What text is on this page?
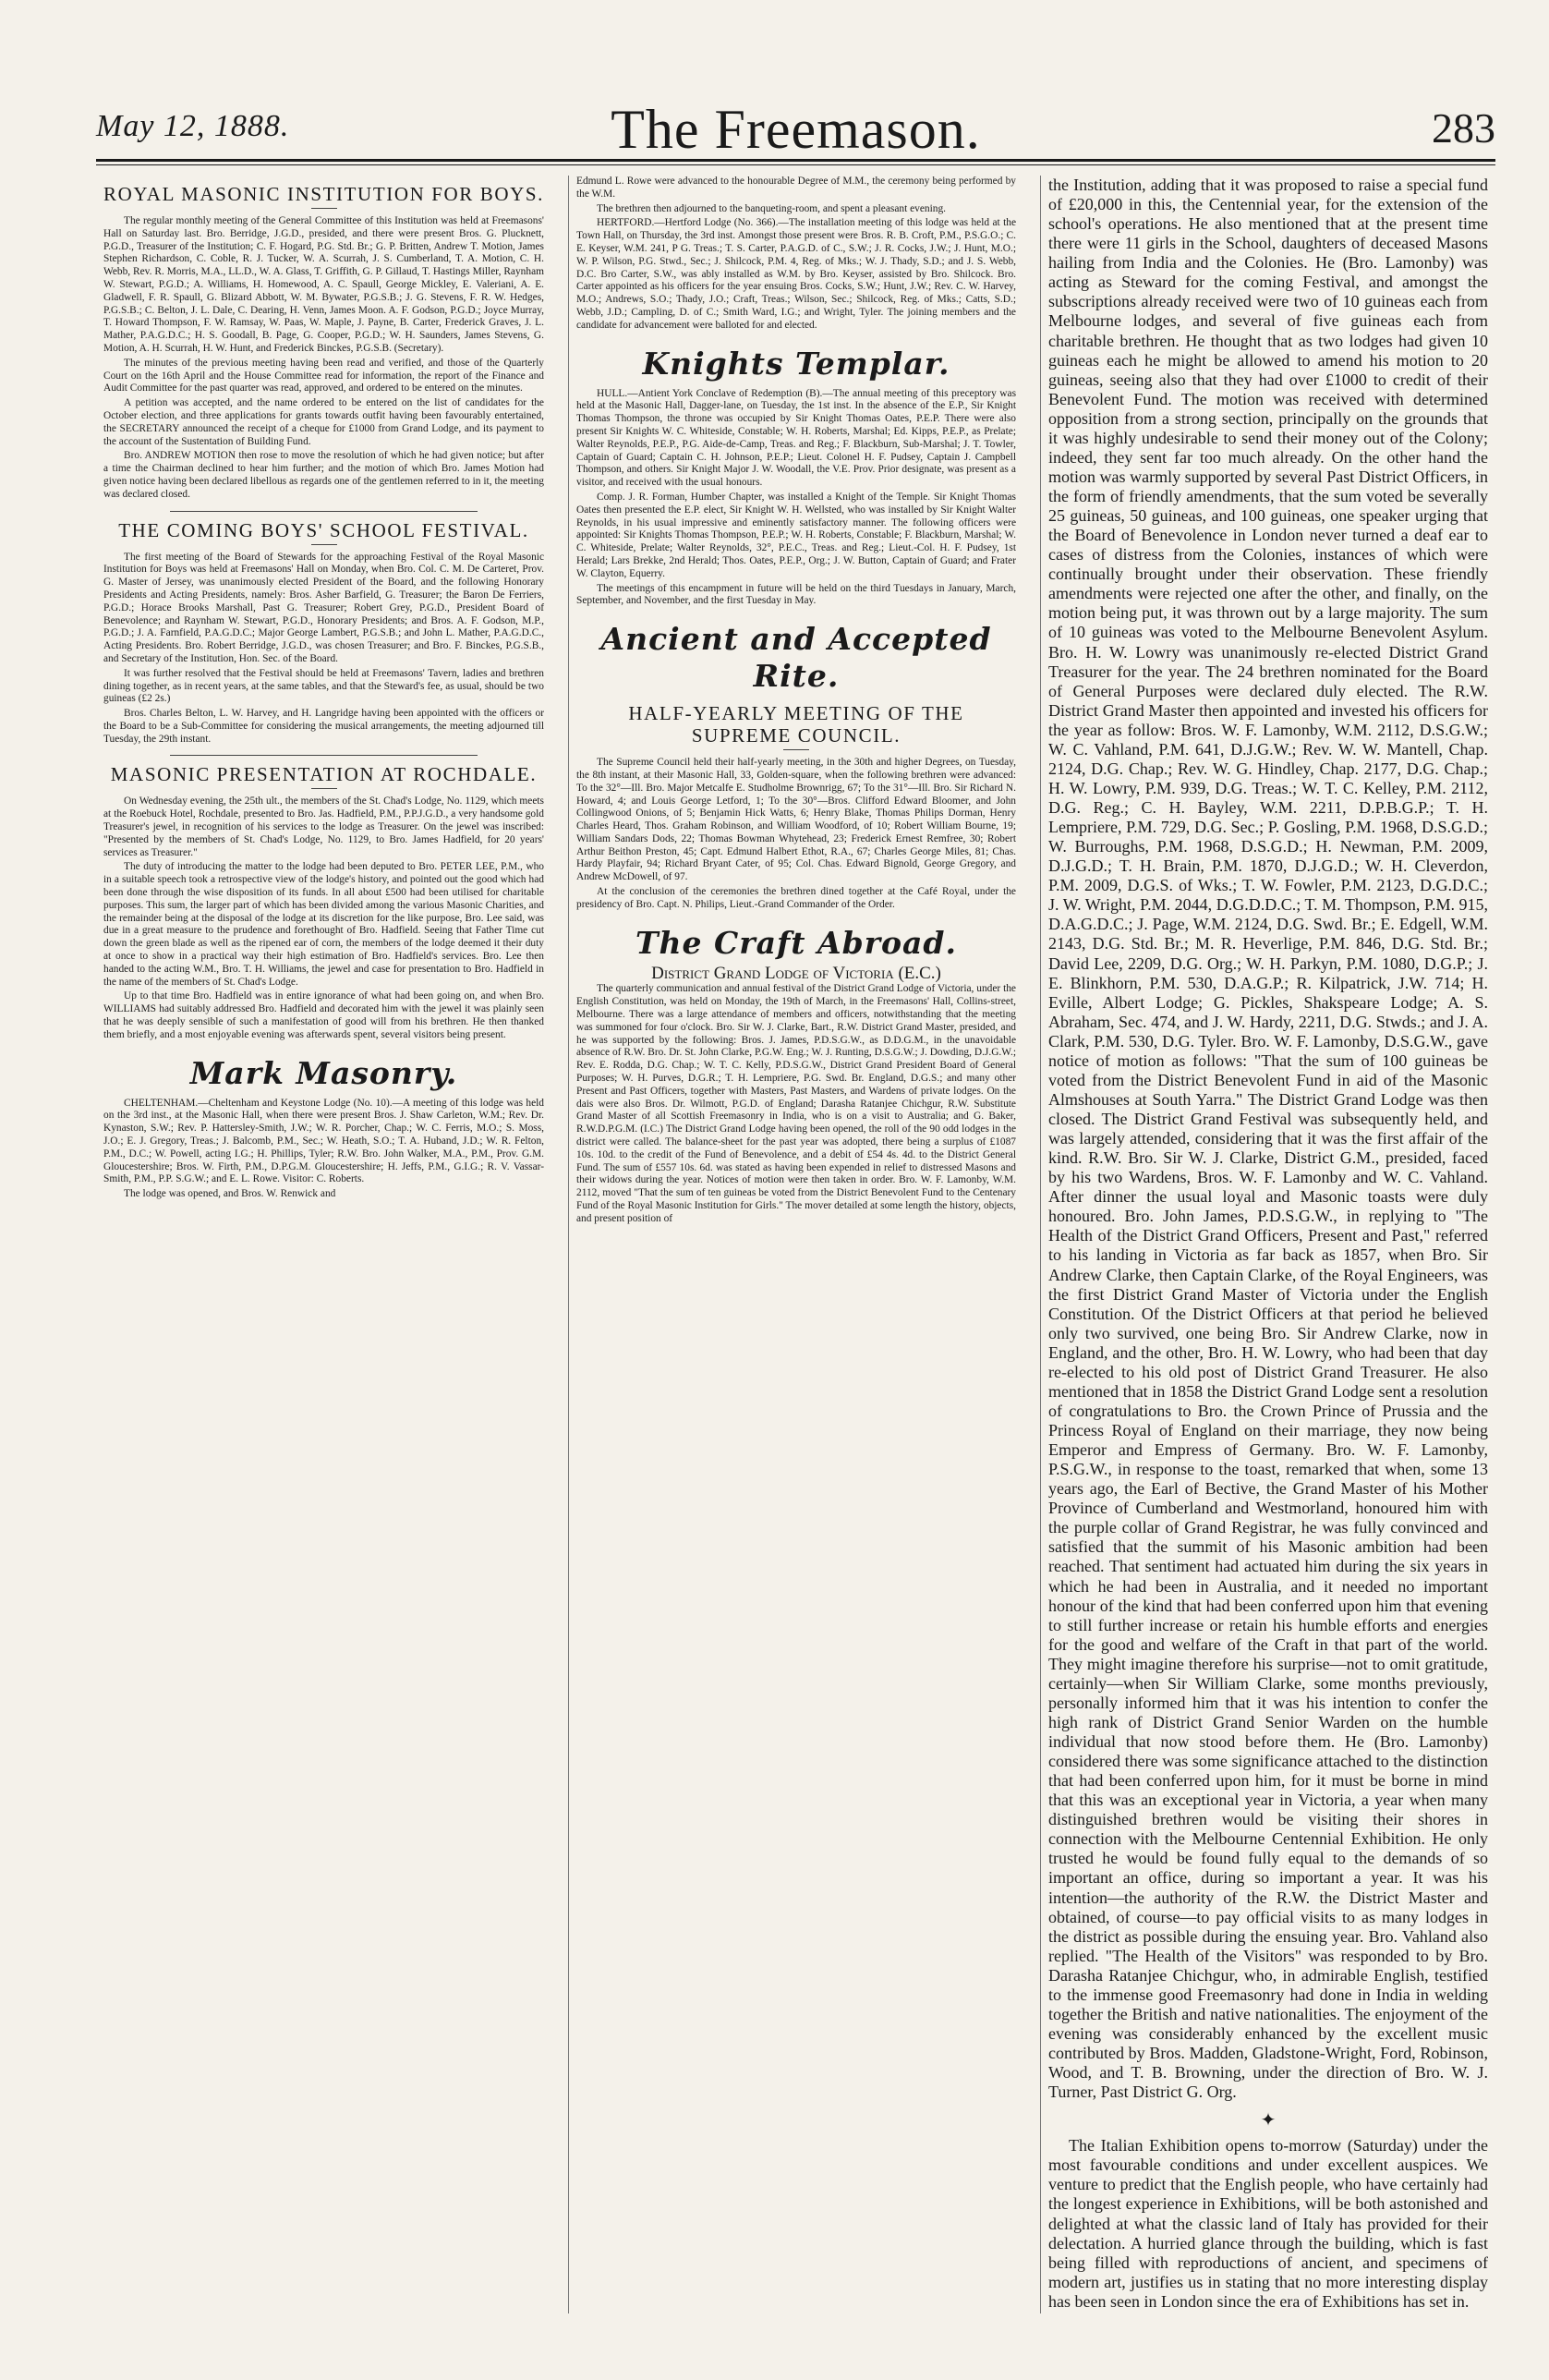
May 12, 1888.	The Freemason.	283
ROYAL MASONIC INSTITUTION FOR BOYS.

The regular monthly meeting of the General Committee of this Institution was held at Freemasons' Hall on Saturday last. Bro. Berridge, J.G.D., presided, and there were present Bros. G. Plucknett, P.G.D., Treasurer of the Institution; C. F. Hogard, P.G. Std. Br.; G. P. Britten, Andrew T. Motion, James Stephen Richardson, C. Coble, R. J. Tucker, W. A. Scurrah, J. S. Cumberland, T. A. Motion, C. H. Webb, Rev. R. Morris, M.A., LL.D., W. A. Glass, T. Griffith, G. P. Gillaud, T. Hastings Miller, Raynham W. Stewart, P.G.D.; A. Williams, H. Homewood, A. C. Spaull, George Mickley, E. Valeriani, A. E. Gladwell, F. R. Spaull, G. Blizard Abbott, W. M. Bywater, P.G.S.B.; J. G. Stevens, F. R. W. Hedges, P.G.S.B.; C. Belton, J. L. Dale, C. Dearing, H. Venn, James Moon. A. F. Godson, P.G.D.; Joyce Murray, T. Howard Thompson, F. W. Ramsay, W. Paas, W. Maple, J. Payne, B. Carter, Frederick Graves, J. L. Mather, P.A.G.D.C.; H. S. Goodall, B. Page, G. Cooper, P.G.D.; W. H. Saunders, James Stevens, G. Motion, A. H. Scurrah, H. W. Hunt, and Frederick Binckes, P.G.S.B. (Secretary).

The minutes of the previous meeting having been read and verified, and those of the Quarterly Court on the 16th April and the House Committee read for information, the report of the Finance and Audit Committee for the past quarter was read, approved, and ordered to be entered on the minutes.

A petition was accepted, and the name ordered to be entered on the list of candidates for the October election, and three applications for grants towards outfit having been favourably entertained, the SECRETARY announced the receipt of a cheque for £1000 from Grand Lodge, and its payment to the account of the Sustentation of Building Fund.

Bro. ANDREW MOTION then rose to move the resolution of which he had given notice; but after a time the Chairman declined to hear him further; and the motion of which Bro. James Motion had given notice having been declared libellous as regards one of the gentlemen referred to in it, the meeting was declared closed.

THE COMING BOYS' SCHOOL FESTIVAL.

The first meeting of the Board of Stewards for the approaching Festival of the Royal Masonic Institution for Boys was held at Freemasons' Hall on Monday, when Bro. Col. C. M. De Carteret, Prov. G. Master of Jersey, was unanimously elected President of the Board, and the following Honorary Presidents and Acting Presidents, namely: Bros. Asher Barfield, G. Treasurer; the Baron De Ferriers, P.G.D.; Horace Brooks Marshall, Past G. Treasurer; Robert Grey, P.G.D., President Board of Benevolence; and Raynham W. Stewart, P.G.D., Honorary Presidents; and Bros. A. F. Godson, M.P., P.G.D.; J. A. Farnfield, P.A.G.D.C.; Major George Lambert, P.G.S.B.; and John L. Mather, P.A.G.D.C., Acting Presidents. Bro. Robert Berridge, J.G.D., was chosen Treasurer; and Bro. F. Binckes, P.G.S.B., and Secretary of the Institution, Hon. Sec. of the Board.

It was further resolved that the Festival should be held at Freemasons' Tavern, ladies and brethren dining together, as in recent years, at the same tables, and that the Steward's fee, as usual, should be two guineas (£2 2s.)

Bros. Charles Belton, L. W. Harvey, and H. Langridge having been appointed with the officers or the Board to be a Sub-Committee for considering the musical arrangements, the meeting adjourned till Tuesday, the 29th instant.

MASONIC PRESENTATION AT ROCHDALE.

On Wednesday evening, the 25th ult., the members of the St. Chad's Lodge, No. 1129, which meets at the Roebuck Hotel, Rochdale, presented to Bro. Jas. Hadfield, P.M., P.P.J.G.D., a very handsome gold Treasurer's jewel, in recognition of his services to the lodge as Treasurer. On the jewel was inscribed: "Presented by the members of St. Chad's Lodge, No. 1129, to Bro. James Hadfield, for 20 years' services as Treasurer."

The duty of introducing the matter to the lodge had been deputed to Bro. PETER LEE, P.M., who in a suitable speech took a retrospective view of the lodge's history, and pointed out the good which had been done through the wise disposition of its funds. In all about £500 had been utilised for charitable purposes. This sum, the larger part of which has been divided among the various Masonic Charities, and the remainder being at the disposal of the lodge at its discretion for the like purpose, Bro. Lee said, was due in a great measure to the prudence and forethought of Bro. Hadfield. Seeing that Father Time cut down the green blade as well as the ripened ear of corn, the members of the lodge deemed it their duty at once to show in a practical way their high estimation of Bro. Hadfield's services. Bro. Lee then handed to the acting W.M., Bro. T. H. Williams, the jewel and case for presentation to Bro. Hadfield in the name of the members of St. Chad's Lodge.

Up to that time Bro. Hadfield was in entire ignorance of what had been going on, and when Bro. WILLIAMS had suitably addressed Bro. Hadfield and decorated him with the jewel it was plainly seen that he was deeply sensible of such a manifestation of good will from his brethren. He then thanked them briefly, and a most enjoyable evening was afterwards spent, several visitors being present.

Mark Masonry.

CHELTENHAM.—Cheltenham and Keystone Lodge (No. 10).—A meeting of this lodge was held on the 3rd inst., at the Masonic Hall, when there were present Bros. J. Shaw Carleton, W.M.; Rev. Dr. Kynaston, S.W.; Rev. P. Hattersley-Smith, J.W.; W. R. Porcher, Chap.; W. C. Ferris, M.O.; S. Moss, J.O.; E. J. Gregory, Treas.; J. Balcomb, P.M., Sec.; W. Heath, S.O.; T. A. Huband, J.D.; W. R. Felton, P.M., D.C.; W. Powell, acting I.G.; H. Phillips, Tyler; R.W. Bro. John Walker, M.A., P.M., Prov. G.M. Gloucestershire; Bros. W. Firth, P.M., D.P.G.M. Gloucestershire; H. Jeffs, P.M., G.I.G.; R. V. Vassar-Smith, P.M., P.P. S.G.W.; and E. L. Rowe. Visitor: C. Roberts.

The lodge was opened, and Bros. W. Renwick and

Edmund L. Rowe were advanced to the honourable Degree of M.M., the ceremony being performed by the W.M.

The brethren then adjourned to the banqueting-room, and spent a pleasant evening.

HERTFORD.—Hertford Lodge (No. 366).—The installation meeting of this lodge was held at the Town Hall, on Thursday, the 3rd inst. Amongst those present were Bros. R. B. Croft, P.M., P.S.G.O.; C. E. Keyser, W.M. 241, P G. Treas.; T. S. Carter, P.A.G.D. of C., S.W.; J. R. Cocks, J.W.; J. Hunt, M.O.; W. P. Wilson, P.G. Stwd., Sec.; J. Shilcock, P.M. 4, Reg. of Mks.; W. J. Thady, S.D.; and J. S. Webb, D.C. Bro Carter, S.W., was ably installed as W.M. by Bro. Keyser, assisted by Bro. Shilcock. Bro. Carter appointed as his officers for the year ensuing Bros. Cocks, S.W.; Hunt, J.W.; Rev. C. W. Harvey, M.O.; Andrews, S.O.; Thady, J.O.; Craft, Treas.; Wilson, Sec.; Shilcock, Reg. of Mks.; Catts, S.D.; Webb, J.D.; Campling, D. of C.; Smith Ward, I.G.; and Wright, Tyler. The joining members and the candidate for advancement were balloted for and elected.

Knights Templar.

HULL.—Antient York Conclave of Redemption (B).—The annual meeting of this preceptory was held at the Masonic Hall, Dagger-lane, on Tuesday, the 1st inst. In the absence of the E.P., Sir Knight Thomas Thompson, the throne was occupied by Sir Knight Thomas Oates, P.E.P. There were also present Sir Knights W. C. Whiteside, Constable; W. H. Roberts, Marshal; Ed. Kipps, P.E.P., as Prelate; Walter Reynolds, P.E.P., P.G. Aide-de-Camp, Treas. and Reg.; F. Blackburn, Sub-Marshal; J. T. Towler, Captain of Guard; Captain C. H. Johnson, P.E.P.; Lieut. Colonel H. F. Pudsey, Captain J. Campbell Thompson, and others. Sir Knight Major J. W. Woodall, the V.E. Prov. Prior designate, was present as a visitor, and received with the usual honours.

Comp. J. R. Forman, Humber Chapter, was installed a Knight of the Temple. Sir Knight Thomas Oates then presented the E.P. elect, Sir Knight W. H. Wellsted, who was installed by Sir Knight Walter Reynolds, in his usual impressive and eminently satisfactory manner. The following officers were appointed: Sir Knights Thomas Thompson, P.E.P.; W. H. Roberts, Constable; F. Blackburn, Marshal; W. C. Whiteside, Prelate; Walter Reynolds, 32°, P.E.C., Treas. and Reg.; Lieut.-Col. H. F. Pudsey, 1st Herald; Lars Brekke, 2nd Herald; Thos. Oates, P.E.P., Org.; J. W. Button, Captain of Guard; and Frater W. Clayton, Equerry.

The meetings of this encampment in future will be held on the third Tuesdays in January, March, September, and November, and the first Tuesday in May.

Ancient and Accepted Rite.
HALF-YEARLY MEETING OF THE SUPREME COUNCIL.

The Supreme Council held their half-yearly meeting, in the 30th and higher Degrees, on Tuesday, the 8th instant, at their Masonic Hall, 33, Golden-square, when the following brethren were advanced: To the 32°—Ill. Bro. Major Metcalfe E. Studholme Brownrigg, 67; To the 31°—Ill. Bro. Sir Richard N. Howard, 4; and Louis George Letford, 1; To the 30°—Bros. Clifford Edward Bloomer, and John Collingwood Onions, of 5; Benjamin Hick Watts, 6; Henry Blake, Thomas Philips Dorman, Henry Charles Heard, Thos. Graham Robinson, and William Woodford, of 10; Robert William Bourne, 19; William Sandars Dods, 22; Thomas Bowman Whytehead, 23; Frederick Ernest Remfree, 30; Robert Arthur Beithon Preston, 45; Capt. Edmund Halbert Ethot, R.A., 67; Charles George Miles, 81; Chas. Hardy Playfair, 94; Richard Bryant Cater, of 95; Col. Chas. Edward Bignold, George Gregory, and Andrew McDowell, of 97.

At the conclusion of the ceremonies the brethren dined together at the Café Royal, under the presidency of Bro. Capt. N. Philips, Lieut.-Grand Commander of the Order.

The Craft Abroad.
District Grand Lodge of Victoria (E.C.)

The quarterly communication and annual festival of the District Grand Lodge of Victoria, under the English Constitution, was held on Monday, the 19th of March, in the Freemasons' Hall, Collins-street, Melbourne. There was a large attendance of members and officers, notwithstanding that the meeting was summoned for four o'clock. Bro. Sir W. J. Clarke, Bart., R.W. District Grand Master, presided, and he was supported by the following: Bros. J. James, P.D.S.G.W., as D.D.G.M., in the unavoidable absence of R.W. Bro. Dr. St. John Clarke, P.G.W. Eng.; W. J. Runting, D.S.G.W.; J. Dowding, D.J.G.W.; Rev. E. Rodda, D.G. Chap.; W. T. C. Kelly, P.D.S.G.W., District Grand President Board of General Purposes; W. H. Purves, D.G.R.; T. H. Lempriere, P.G. Swd. Br. England, D.G.S.; and many other Present and Past Officers, together with Masters, Past Masters, and Wardens of private lodges. On the dais were also Bros. Dr. Wilmott, P.G.D. of England; Darasha Ratanjee Chichgur, R.W. Substitute Grand Master of all Scottish Freemasonry in India, who is on a visit to Australia; and G. Baker, R.W.D.P.G.M. (I.C.) The District Grand Lodge having been opened, the roll of the 90 odd lodges in the district were called. The balance-sheet for the past year was adopted, there being a surplus of £1087 10s. 10d. to the credit of the Fund of Benevolence, and a debit of £54 4s. 4d. to the District General Fund. The sum of £557 10s. 6d. was stated as having been expended in relief to distressed Masons and their widows during the year. Notices of motion were then taken in order. Bro. W. F. Lamonby, W.M. 2112, moved "That the sum of ten guineas be voted from the District Benevolent Fund to the Centenary Fund of the Royal Masonic Institution for Girls." The mover detailed at some length the history, objects, and present position of

the Institution, adding that it was proposed to raise a special fund of £20,000 in this, the Centennial year, for the extension of the school's operations. He also mentioned that at the present time there were 11 girls in the School, daughters of deceased Masons hailing from India and the Colonies. He (Bro. Lamonby) was acting as Steward for the coming Festival, and amongst the subscriptions already received were two of 10 guineas each from Melbourne lodges, and several of five guineas each from charitable brethren. He thought that as two lodges had given 10 guineas each he might be allowed to amend his motion to 20 guineas, seeing also that they had over £1000 to credit of their Benevolent Fund. The motion was received with determined opposition from a strong section, principally on the grounds that it was highly undesirable to send their money out of the Colony; indeed, they sent far too much already. On the other hand the motion was warmly supported by several Past District Officers, in the form of friendly amendments, that the sum voted be severally 25 guineas, 50 guineas, and 100 guineas, one speaker urging that the Board of Benevolence in London never turned a deaf ear to cases of distress from the Colonies, instances of which were continually brought under their observation. These friendly amendments were rejected one after the other, and finally, on the motion being put, it was thrown out by a large majority. The sum of 10 guineas was voted to the Melbourne Benevolent Asylum. Bro. H. W. Lowry was unanimously re-elected District Grand Treasurer for the year. The 24 brethren nominated for the Board of General Purposes were declared duly elected. The R.W. District Grand Master then appointed and invested his officers for the year as follow: Bros. W. F. Lamonby, W.M. 2112, D.S.G.W.; W. C. Vahland, P.M. 641, D.J.G.W.; Rev. W. W. Mantell, Chap. 2124, D.G. Chap.; Rev. W. G. Hindley, Chap. 2177, D.G. Chap.; H. W. Lowry, P.M. 939, D.G. Treas.; W. T. C. Kelley, P.M. 2112, D.G. Reg.; C. H. Bayley, W.M. 2211, D.P.B.G.P.; T. H. Lempriere, P.M. 729, D.G. Sec.; P. Gosling, P.M. 1968, D.S.G.D.; W. Burroughs, P.M. 1968, D.S.G.D.; H. Newman, P.M. 2009, D.J.G.D.; T. H. Brain, P.M. 1870, D.J.G.D.; W. H. Cleverdon, P.M. 2009, D.G.S. of Wks.; T. W. Fowler, P.M. 2123, D.G.D.C.; J. W. Wright, P.M. 2044, D.G.D.D.C.; T. M. Thompson, P.M. 915, D.A.G.D.C.; J. Page, W.M. 2124, D.G. Swd. Br.; E. Edgell, W.M. 2143, D.G. Std. Br.; M. R. Heverlige, P.M. 846, D.G. Std. Br.; David Lee, 2209, D.G. Org.; W. H. Parkyn, P.M. 1080, D.G.P.; J. E. Blinkhorn, P.M. 530, D.A.G.P.; R. Kilpatrick, J.W. 714; H. Eville, Albert Lodge; G. Pickles, Shakspeare Lodge; A. S. Abraham, Sec. 474, and J. W. Hardy, 2211, D.G. Stwds.; and J. A. Clark, P.M. 530, D.G. Tyler. Bro. W. F. Lamonby, D.S.G.W., gave notice of motion as follows: "That the sum of 100 guineas be voted from the District Benevolent Fund in aid of the Masonic Almshouses at South Yarra." The District Grand Lodge was then closed. The District Grand Festival was subsequently held, and was largely attended, considering that it was the first affair of the kind. R.W. Bro. Sir W. J. Clarke, District G.M., presided, faced by his two Wardens, Bros. W. F. Lamonby and W. C. Vahland. After dinner the usual loyal and Masonic toasts were duly honoured. Bro. John James, P.D.S.G.W., in replying to "The Health of the District Grand Officers, Present and Past," referred to his landing in Victoria as far back as 1857, when Bro. Sir Andrew Clarke, then Captain Clarke, of the Royal Engineers, was the first District Grand Master of Victoria under the English Constitution. Of the District Officers at that period he believed only two survived, one being Bro. Sir Andrew Clarke, now in England, and the other, Bro. H. W. Lowry, who had been that day re-elected to his old post of District Grand Treasurer. He also mentioned that in 1858 the District Grand Lodge sent a resolution of congratulations to Bro. the Crown Prince of Prussia and the Princess Royal of England on their marriage, they now being Emperor and Empress of Germany. Bro. W. F. Lamonby, P.S.G.W., in response to the toast, remarked that when, some 13 years ago, the Earl of Bective, the Grand Master of his Mother Province of Cumberland and Westmorland, honoured him with the purple collar of Grand Registrar, he was fully convinced and satisfied that the summit of his Masonic ambition had been reached. That sentiment had actuated him during the six years in which he had been in Australia, and it needed no important honour of the kind that had been conferred upon him that evening to still further increase or retain his humble efforts and energies for the good and welfare of the Craft in that part of the world. They might imagine therefore his surprise—not to omit gratitude, certainly—when Sir William Clarke, some months previously, personally informed him that it was his intention to confer the high rank of District Grand Senior Warden on the humble individual that now stood before them. He (Bro. Lamonby) considered there was some significance attached to the distinction that had been conferred upon him, for it must be borne in mind that this was an exceptional year in Victoria, a year when many distinguished brethren would be visiting their shores in connection with the Melbourne Centennial Exhibition. He only trusted he would be found fully equal to the demands of so important an office, during so important a year. It was his intention—the authority of the R.W. the District Master and obtained, of course—to pay official visits to as many lodges in the district as possible during the ensuing year. Bro. Vahland also replied. "The Health of the Visitors" was responded to by Bro. Darasha Ratanjee Chichgur, who, in admirable English, testified to the immense good Freemasonry had done in India in welding together the British and native nationalities. The enjoyment of the evening was considerably enhanced by the excellent music contributed by Bros. Madden, Gladstone-Wright, Ford, Robinson, Wood, and T. B. Browning, under the direction of Bro. W. J. Turner, Past District G. Org.

✦

The Italian Exhibition opens to-morrow (Saturday) under the most favourable conditions and under excellent auspices. We venture to predict that the English people, who have certainly had the longest experience in Exhibitions, will be both astonished and delighted at what the classic land of Italy has provided for their delectation. A hurried glance through the building, which is fast being filled with reproductions of ancient, and specimens of modern art, justifies us in stating that no more interesting display has been seen in London since the era of Exhibitions has set in.
